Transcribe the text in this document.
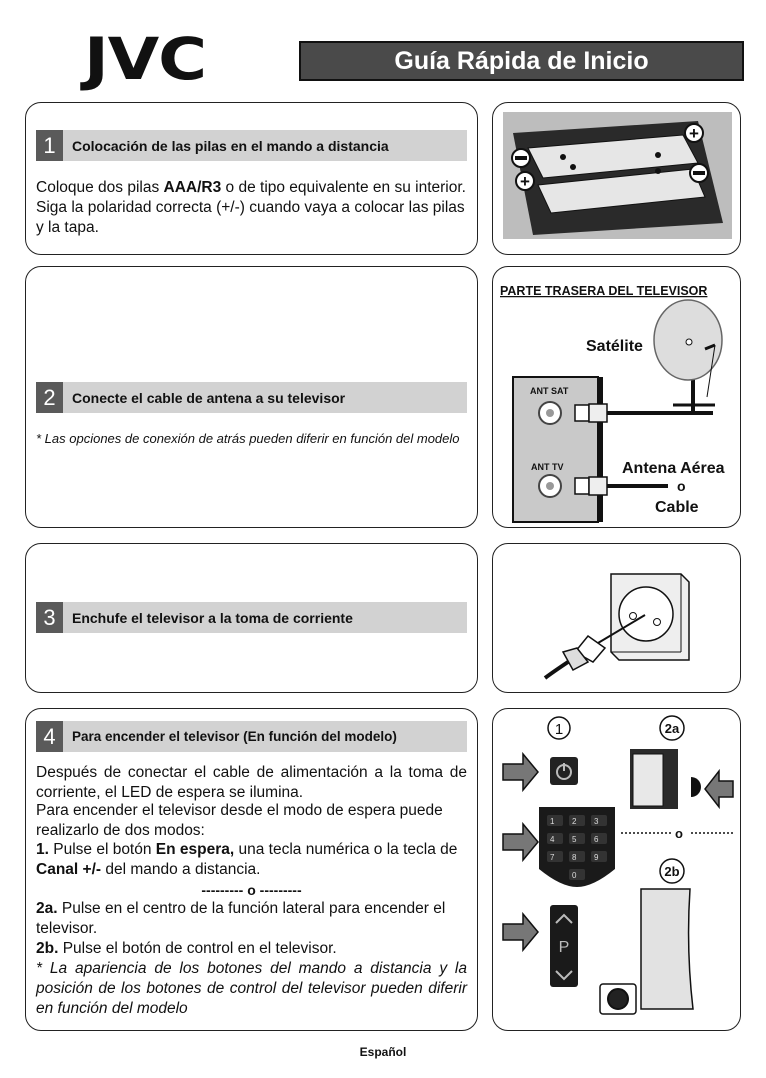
JVC	Guía Rápida de Inicio
1	Colocación de las pilas en el mando a distancia
Coloque dos pilas AAA/R3 o de tipo equivalente en su interior. Siga la polaridad correcta (+/-) cuando vaya a colocar las pilas y la tapa.
+
+
2	Conecte el cable de antena a su televisor
* Las opciones de conexión de atrás pueden diferir en función del modelo
PARTE TRASERA DEL TELEVISOR
ANT SAT
ANT TV
Satélite
Antena Aérea
o
Cable
3	Enchufe el televisor a la toma de corriente
4	Para encender el televisor (En función del modelo)
Después de conectar el cable de alimentación a la toma de corriente, el LED de espera se ilumina.
Para encender el televisor desde el modo de espera puede realizarlo de dos modos:
1. Pulse el botón En espera, una tecla numérica o la tecla de Canal +/- del mando a distancia.
--------- o ---------
2a. Pulse en el centro de la función lateral para encender el televisor.
2b. Pulse el botón de control en el televisor.
* La apariencia de los botones del mando a distancia y la posición de los botones de control del televisor pueden diferir en función del modelo
1	2a
2b
1 2 3
4 5 6
7 8 9
0
o
P
Español
